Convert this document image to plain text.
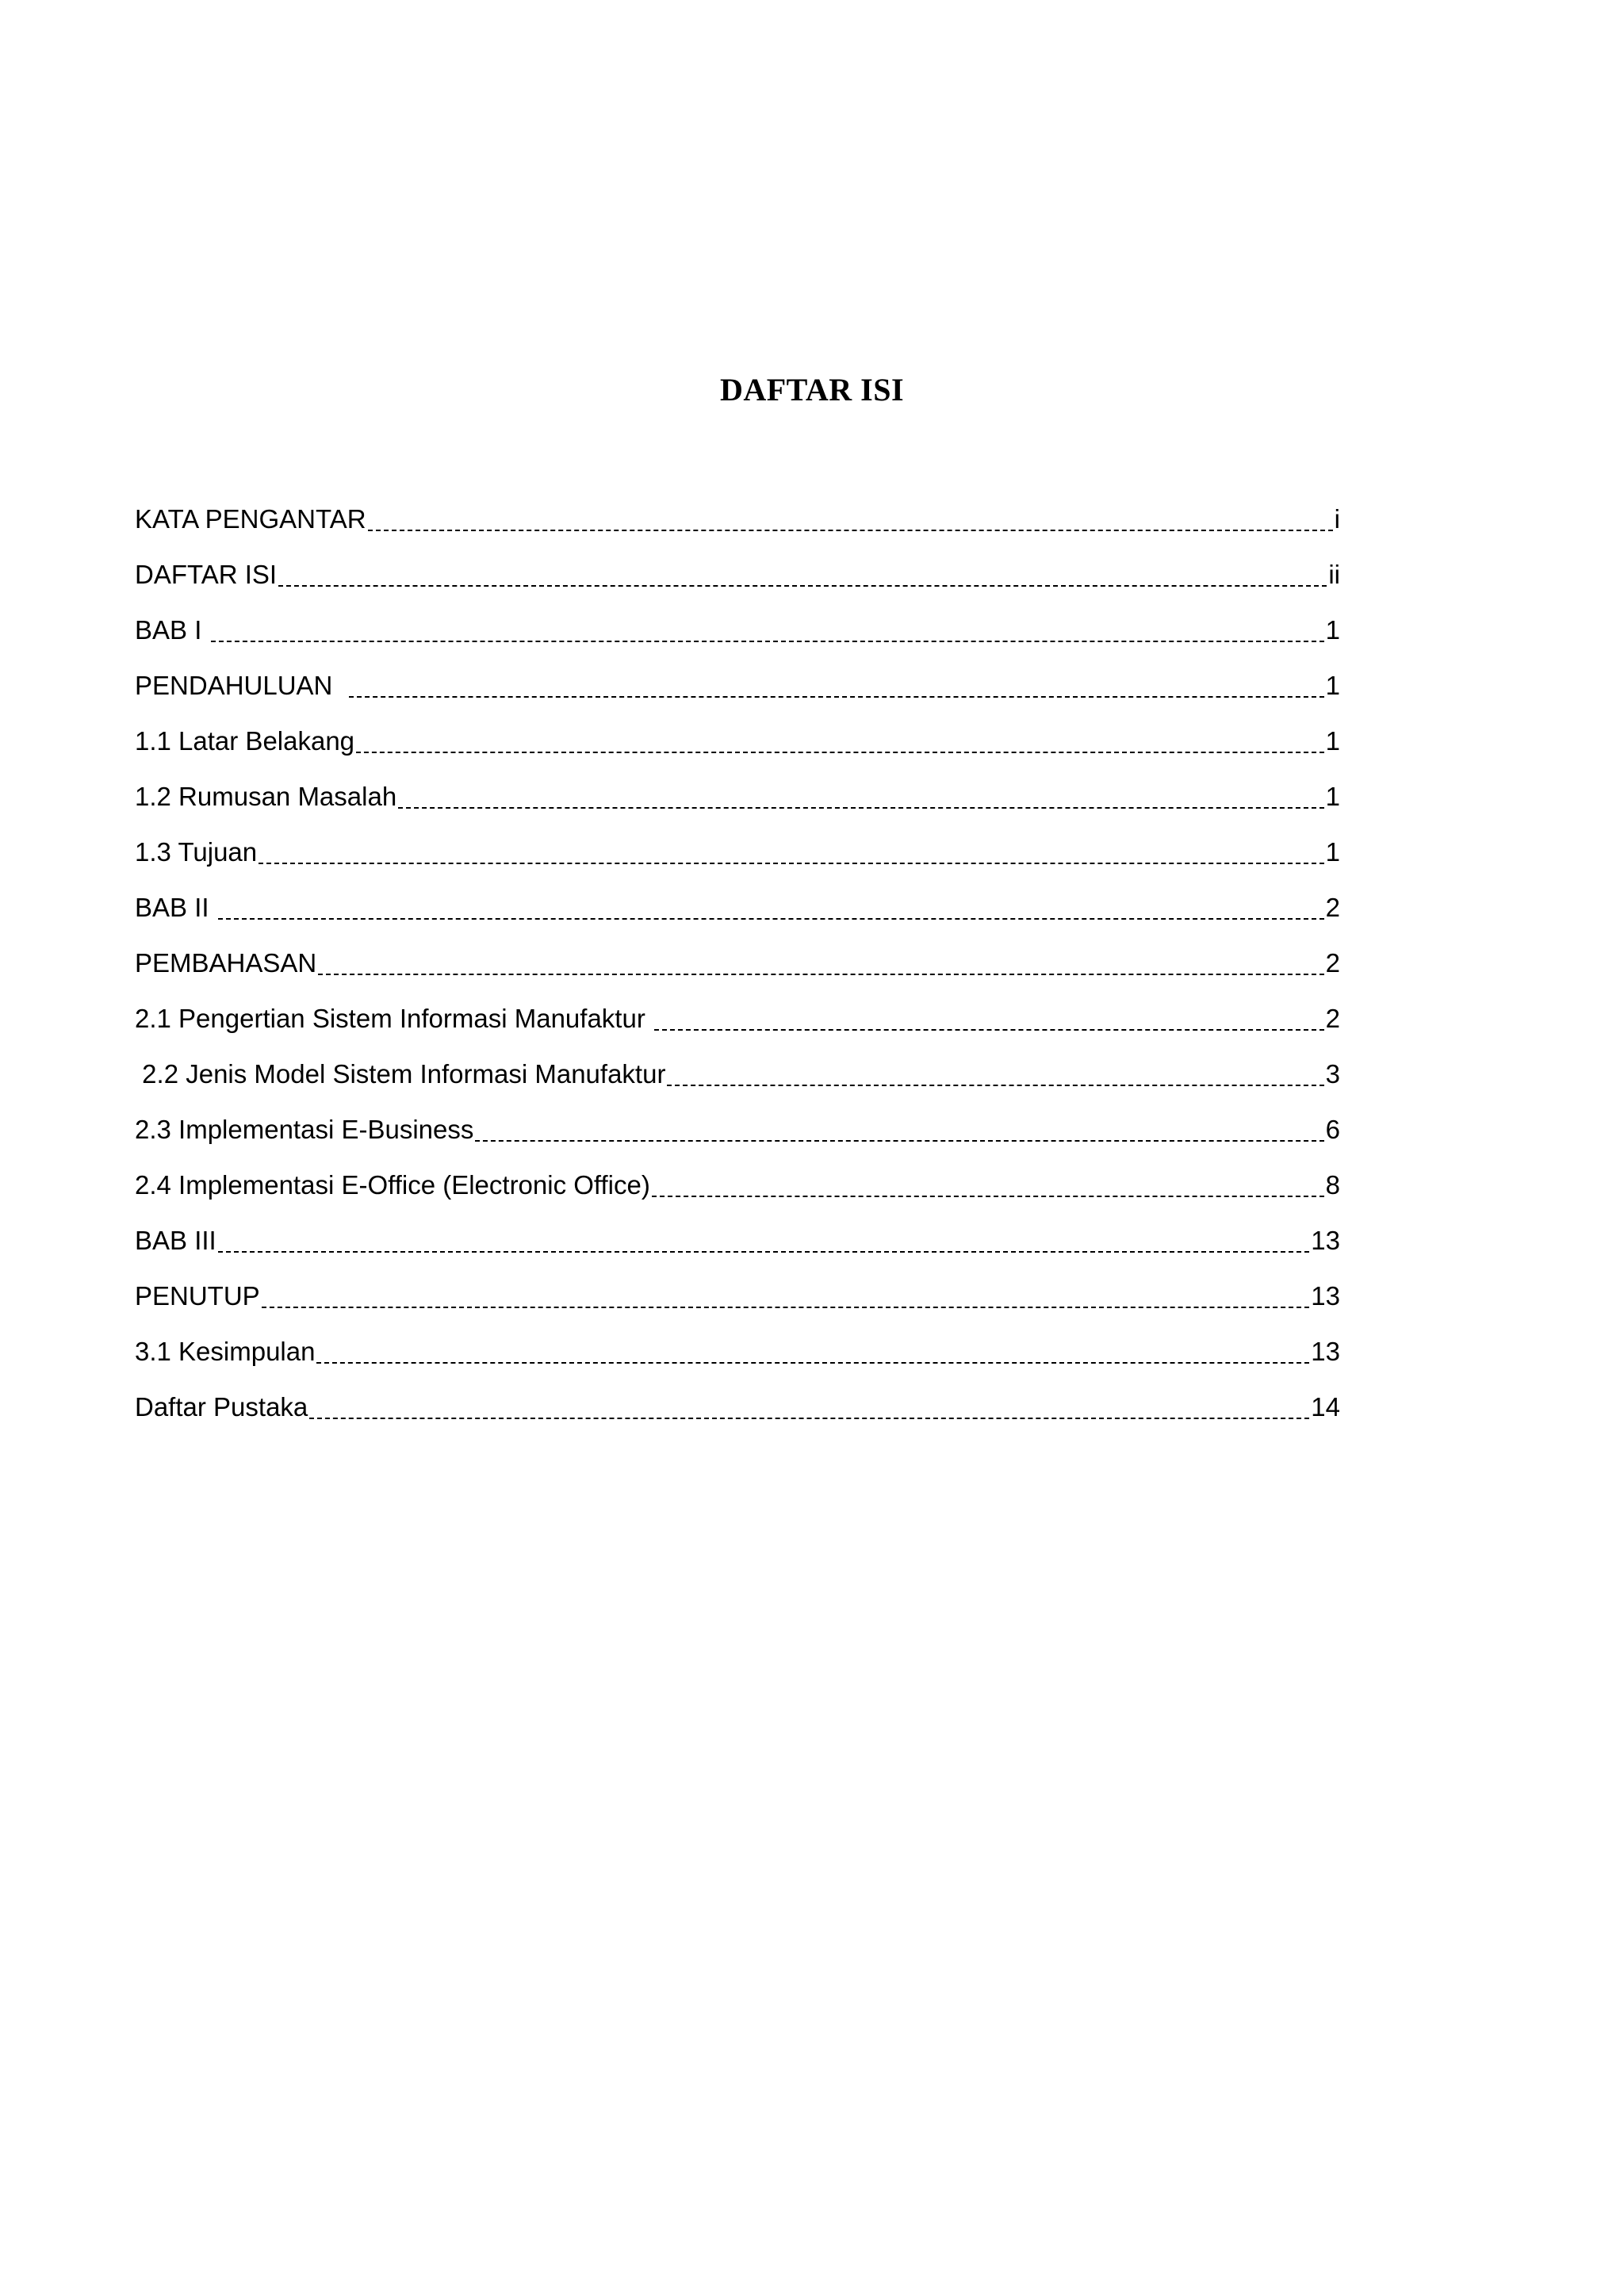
DAFTAR ISI
KATA PENGANTAR	i
DAFTAR ISI	ii
BAB I	1
PENDAHULUAN	1
1.1 Latar Belakang	1
1.2 Rumusan Masalah	1
1.3 Tujuan	1
BAB II	2
PEMBAHASAN	2
2.1 Pengertian Sistem Informasi Manufaktur	2
2.2 Jenis Model Sistem Informasi Manufaktur	3
2.3 Implementasi E-Business	6
2.4 Implementasi E-Office (Electronic Office)	8
BAB III	13
PENUTUP	13
3.1 Kesimpulan	13
Daftar Pustaka	14
